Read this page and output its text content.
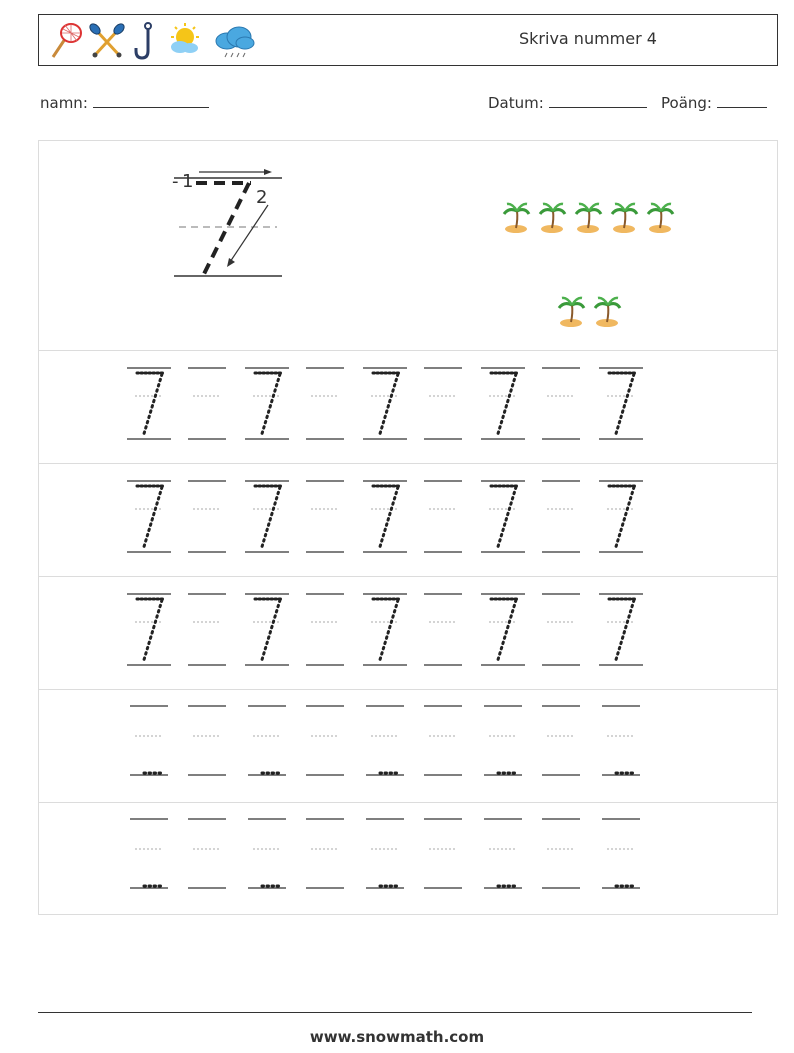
Skriva nummer 4
namn:	Datum:	Poäng:
- 1
2
www.snowmath.com
